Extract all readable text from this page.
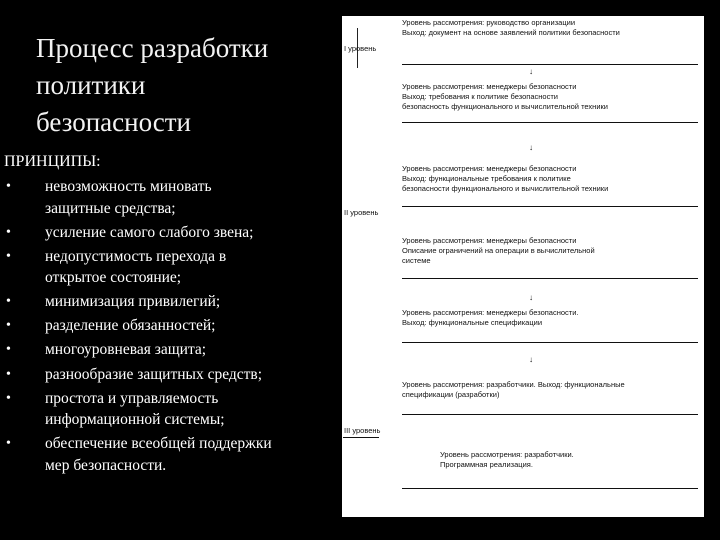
Процесс разработки
политики
безопасности
ПРИНЦИПЫ:
• невозможность миновать
защитные средства;
• усиление самого слабого звена;
• недопустимость перехода в
открытое состояние;
• минимизация привилегий;
• разделение обязанностей;
• многоуровневая защита;
• разнообразие защитных средств;
• простота и управляемость
информационной системы;
• обеспечение всеобщей поддержки
мер безопасности.
I уровень
II уровень
III уровень
Уровень рассмотрения: руководство организации
Выход: документ на основе заявлений политики безопасности
↓
Уровень рассмотрения: менеджеры безопасности
Выход: требования к политике безопасности
безопасность функционального и вычислительной техники
↓
Уровень рассмотрения: менеджеры безопасности
Выход: функциональные требования к политике
безопасности функционального и вычислительной техники
Уровень рассмотрения: менеджеры безопасности
Описание ограничений на операции в вычислительной
системе
↓
Уровень рассмотрения: менеджеры безопасности.
Выход: функциональные спецификации
↓
Уровень рассмотрения: разработчики. Выход: функциональные
спецификации (разработки)
Уровень рассмотрения: разработчики.
Программная реализация.
